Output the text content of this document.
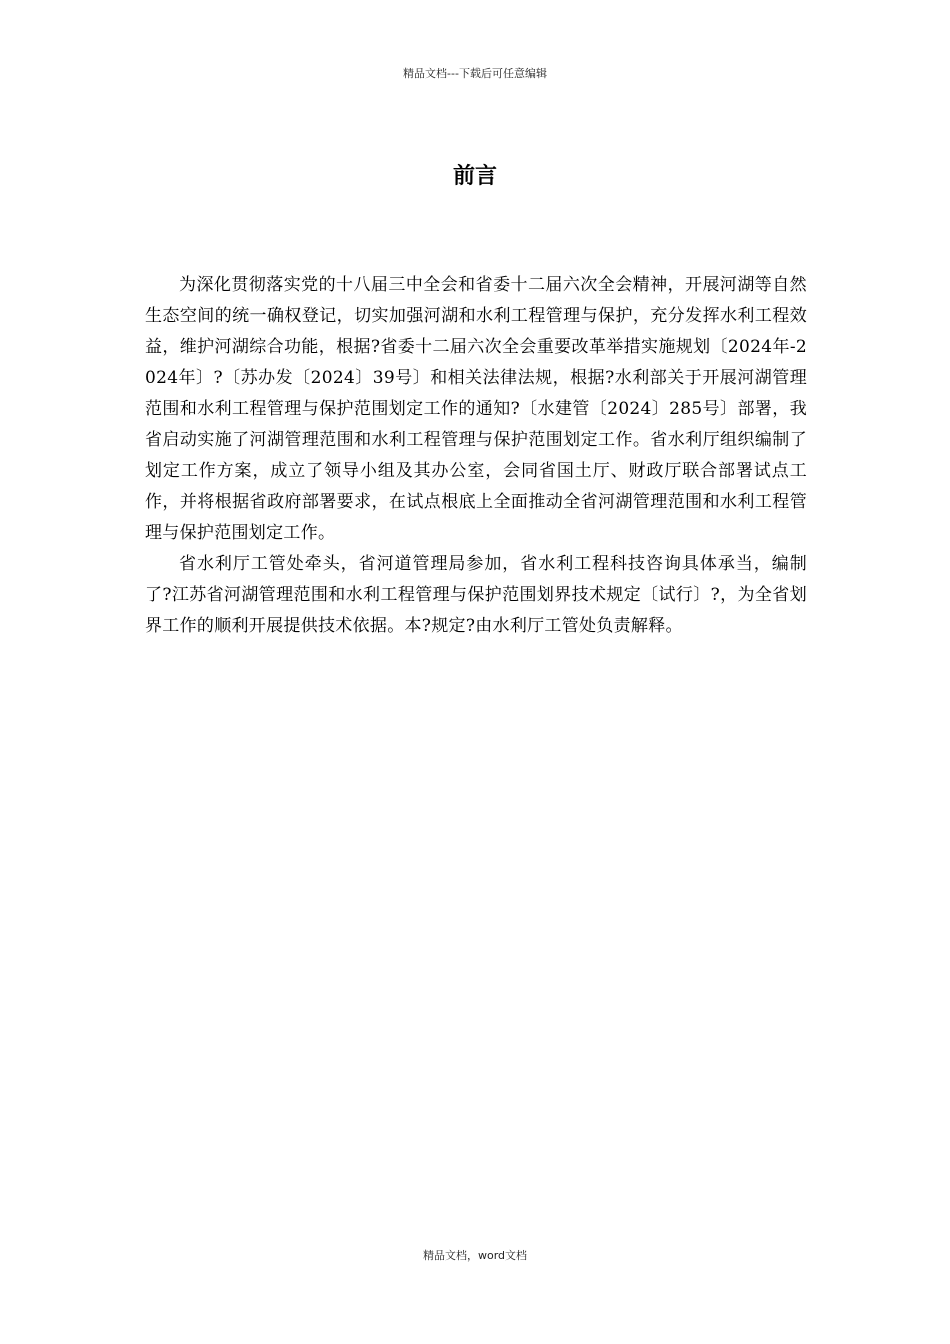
精品文档---下载后可任意编辑
前言

为深化贯彻落实党的十八届三中全会和省委十二届六次全会精神，开展河湖等自然生态空间的统一确权登记，切实加强河湖和水利工程管理与保护，充分发挥水利工程效益，维护河湖综合功能，根据?省委十二届六次全会重要改革举措实施规划〔2024年-2024年〕?〔苏办发〔2024〕39号〕和相关法律法规，根据?水利部关于开展河湖管理范围和水利工程管理与保护范围划定工作的通知?〔水建管〔2024〕285号〕部署，我省启动实施了河湖管理范围和水利工程管理与保护范围划定工作。省水利厅组织编制了划定工作方案，成立了领导小组及其办公室，会同省国土厅、财政厅联合部署试点工作，并将根据省政府部署要求，在试点根底上全面推动全省河湖管理范围和水利工程管理与保护范围划定工作。

省水利厅工管处牵头，省河道管理局参加，省水利工程科技咨询具体承当，编制了?江苏省河湖管理范围和水利工程管理与保护范围划界技术规定〔试行〕?，为全省划界工作的顺利开展提供技术依据。本?规定?由水利厅工管处负责解释。

精品文档，word文档
